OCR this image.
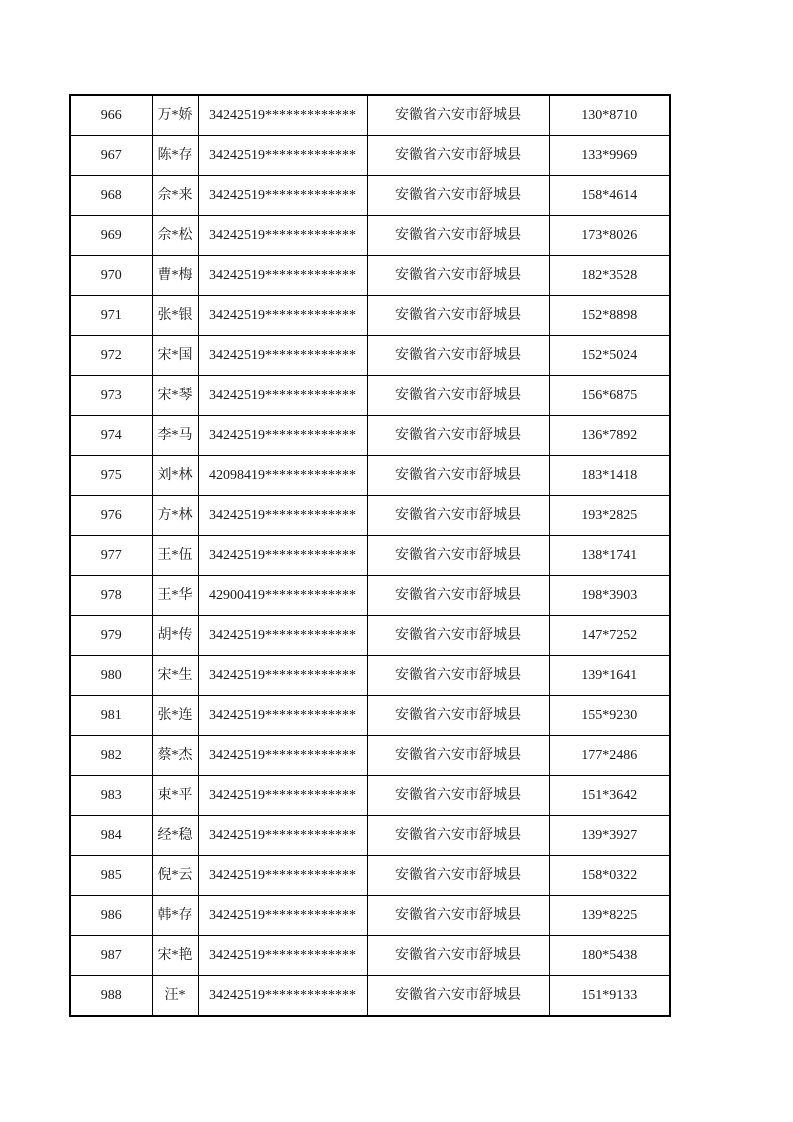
966	万*娇	34242519*************	安徽省六安市舒城县	130*8710
967	陈*存	34242519*************	安徽省六安市舒城县	133*9969
968	佘*来	34242519*************	安徽省六安市舒城县	158*4614
969	佘*松	34242519*************	安徽省六安市舒城县	173*8026
970	曹*梅	34242519*************	安徽省六安市舒城县	182*3528
971	张*银	34242519*************	安徽省六安市舒城县	152*8898
972	宋*国	34242519*************	安徽省六安市舒城县	152*5024
973	宋*琴	34242519*************	安徽省六安市舒城县	156*6875
974	李*马	34242519*************	安徽省六安市舒城县	136*7892
975	刘*林	42098419*************	安徽省六安市舒城县	183*1418
976	方*林	34242519*************	安徽省六安市舒城县	193*2825
977	王*伍	34242519*************	安徽省六安市舒城县	138*1741
978	王*华	42900419*************	安徽省六安市舒城县	198*3903
979	胡*传	34242519*************	安徽省六安市舒城县	147*7252
980	宋*生	34242519*************	安徽省六安市舒城县	139*1641
981	张*连	34242519*************	安徽省六安市舒城县	155*9230
982	蔡*杰	34242519*************	安徽省六安市舒城县	177*2486
983	束*平	34242519*************	安徽省六安市舒城县	151*3642
984	经*稳	34242519*************	安徽省六安市舒城县	139*3927
985	倪*云	34242519*************	安徽省六安市舒城县	158*0322
986	韩*存	34242519*************	安徽省六安市舒城县	139*8225
987	宋*艳	34242519*************	安徽省六安市舒城县	180*5438
988	汪*	34242519*************	安徽省六安市舒城县	151*9133
